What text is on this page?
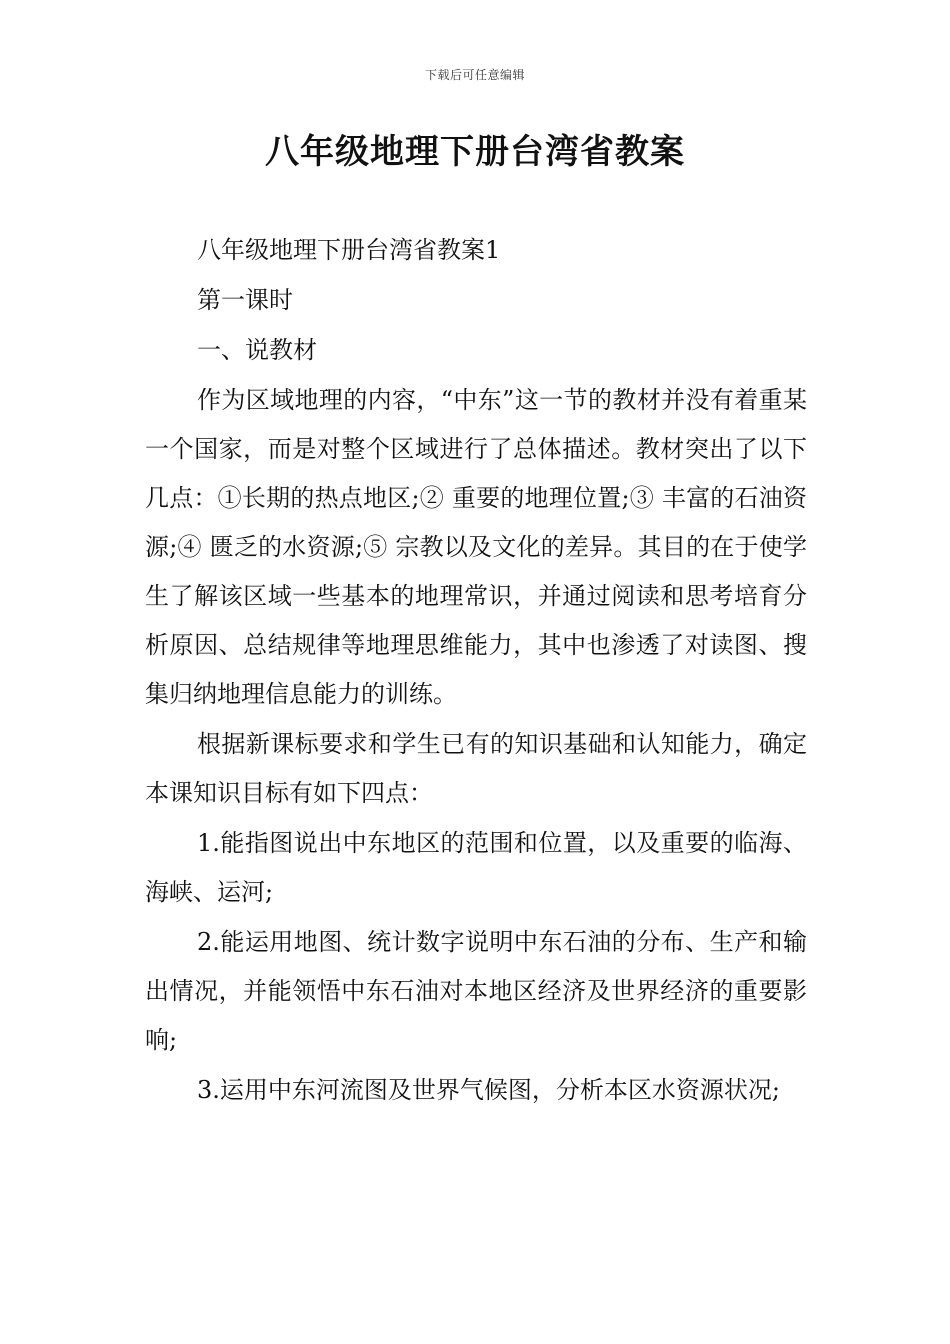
下载后可任意编辑
八年级地理下册台湾省教案

八年级地理下册台湾省教案1

第一课时

一、说教材

作为区域地理的内容，“中东”这一节的教材并没有着重某一个国家，而是对整个区域进行了总体描述。教材突出了以下几点：①长期的热点地区;② 重要的地理位置;③ 丰富的石油资源;④ 匮乏的水资源;⑤ 宗教以及文化的差异。其目的在于使学生了解该区域一些基本的地理常识，并通过阅读和思考培育分析原因、总结规律等地理思维能力，其中也渗透了对读图、搜集归纳地理信息能力的训练。

根据新课标要求和学生已有的知识基础和认知能力，确定本课知识目标有如下四点：

1.能指图说出中东地区的范围和位置，以及重要的临海、海峡、运河;

2.能运用地图、统计数字说明中东石油的分布、生产和输出情况，并能领悟中东石油对本地区经济及世界经济的重要影响;

3.运用中东河流图及世界气候图，分析本区水资源状况;
